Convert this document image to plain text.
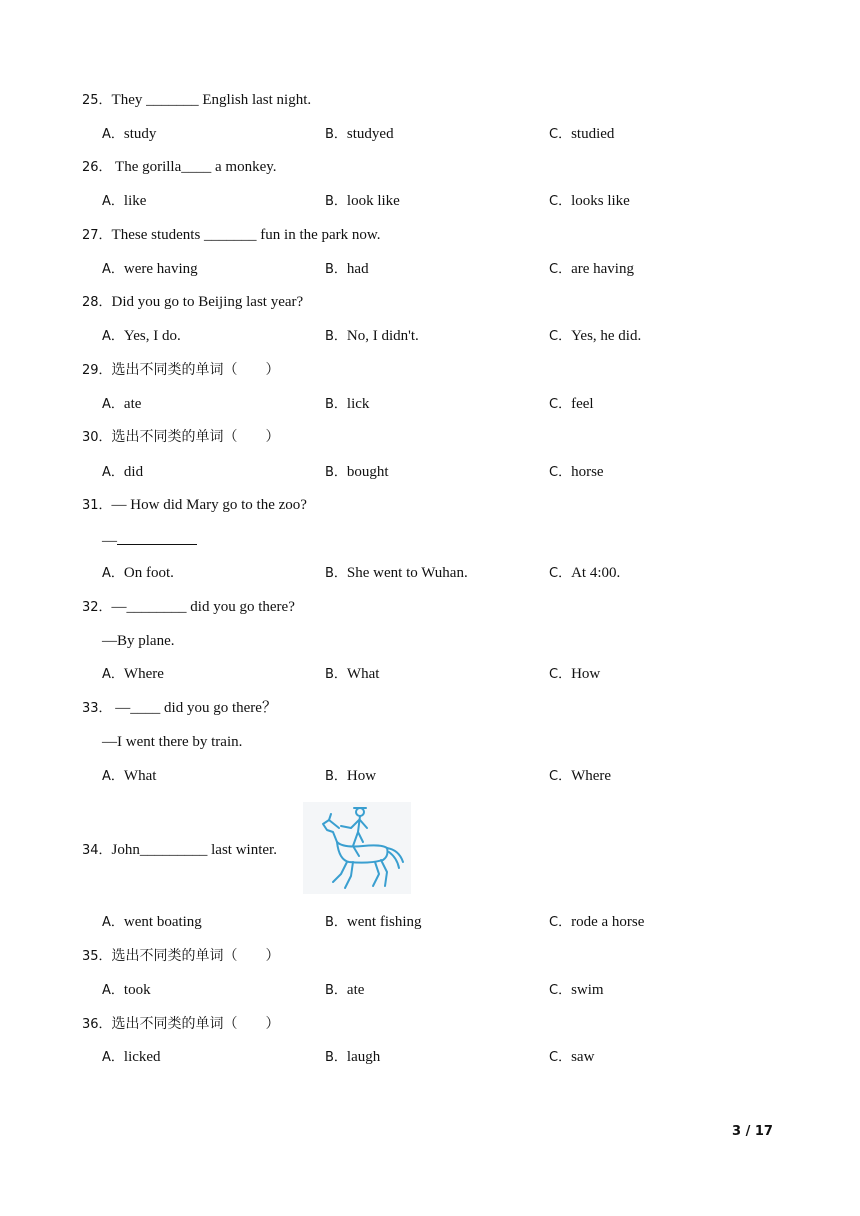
25．They _______ English last night.
A．study	B．studyed	C．studied
26． The gorilla____ a monkey.
A．like	B．look like	C．looks like
27．These students _______ fun in the park now.
A．were having	B．had	C．are having
28．Did you go to Beijing last year?
A．Yes, I do.	B．No, I didn't.	C．Yes, he did.
29．选出不同类的单词（　　）
A．ate	B．lick	C．feel
30．选出不同类的单词（　　）
A．did	B．bought	C．horse
31．— How did Mary go to the zoo?
—
A．On foot.	B．She went to Wuhan.	C．At 4:00.
32．—________ did you go there?
—By plane.
A．Where	B．What	C．How
33． —____ did you go there？
—I went there by train.
A．What	B．How	C．Where
34．John_________ last winter.
A．went boating	B．went fishing	C．rode a horse
35．选出不同类的单词（　　）
A．took	B．ate	C．swim
36．选出不同类的单词（　　）
A．licked	B．laugh	C．saw
3 / 17
